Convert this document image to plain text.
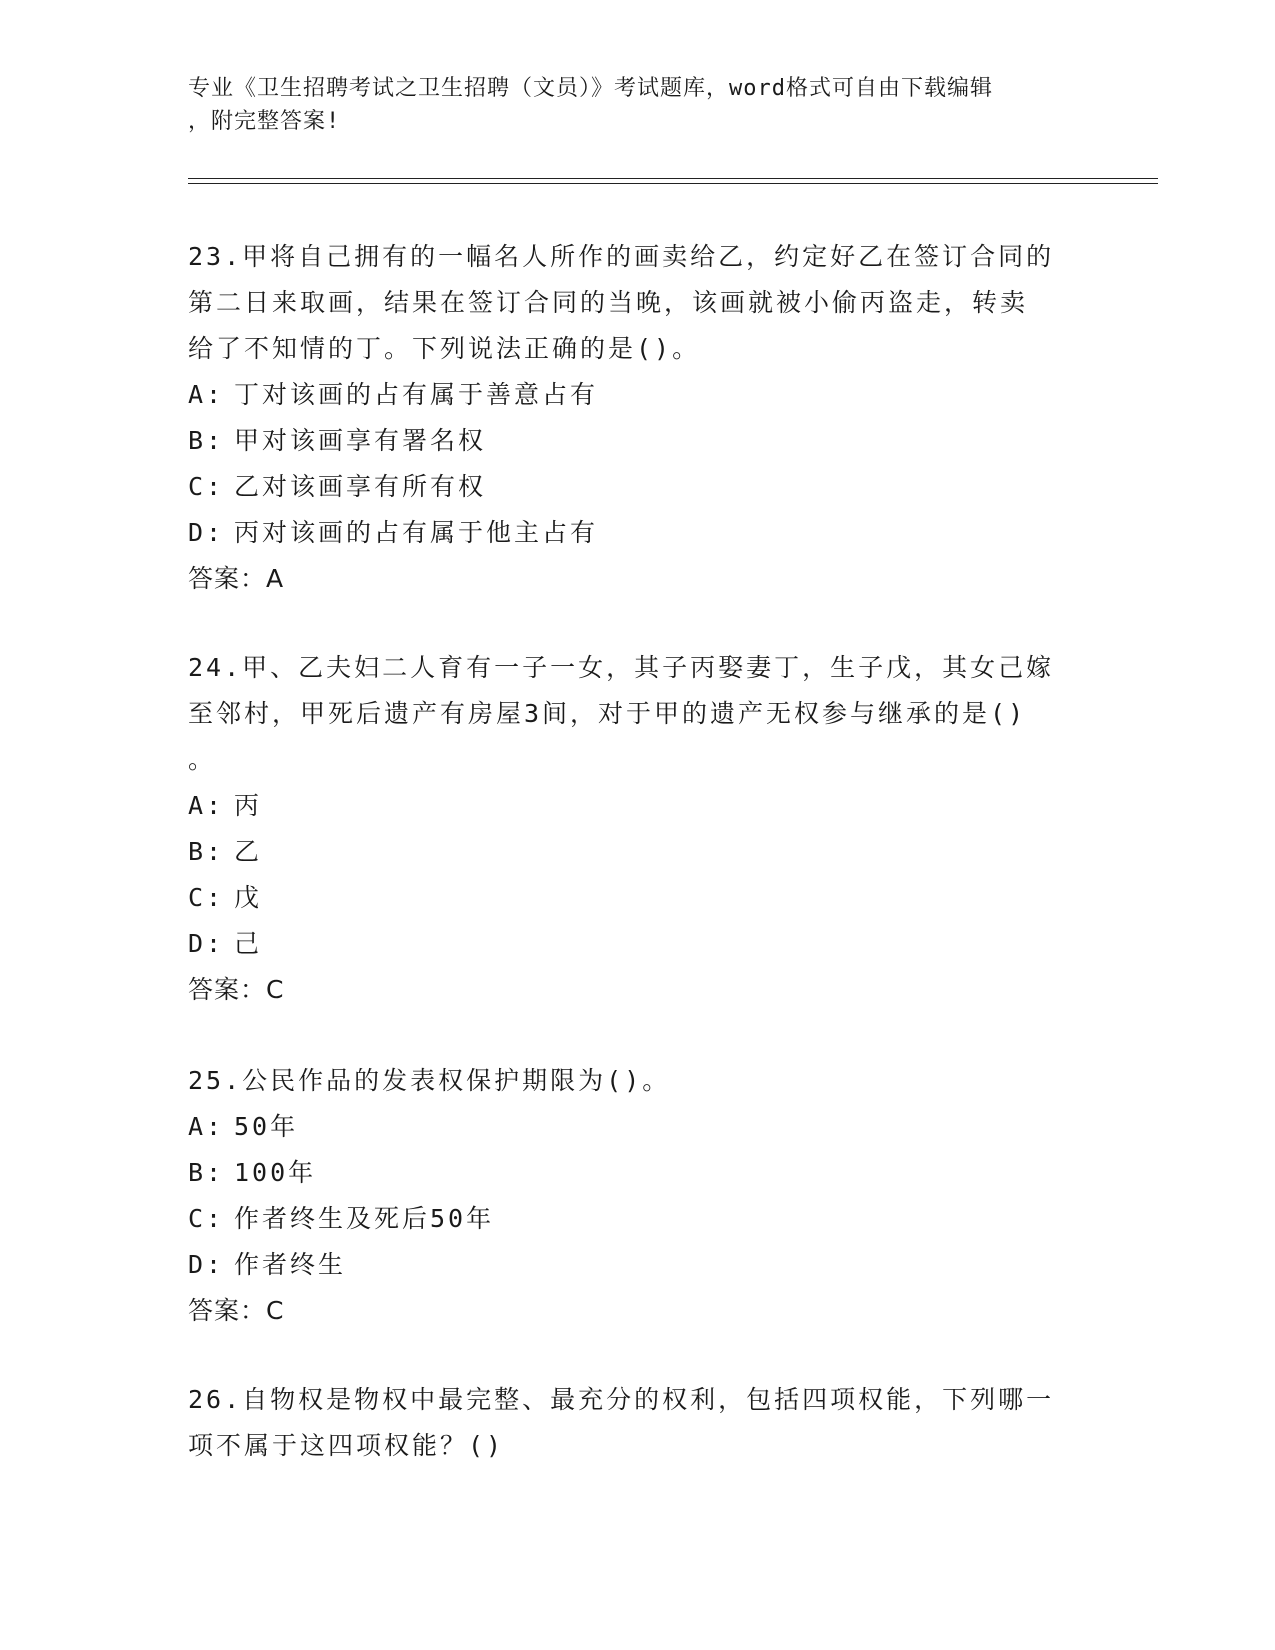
专业《卫生招聘考试之卫生招聘（文员）》考试题库，word格式可自由下载编辑
，附完整答案!

23.甲将自己拥有的一幅名人所作的画卖给乙，约定好乙在签订合同的

第二日来取画，结果在签订合同的当晚，该画就被小偷丙盗走，转卖

给了不知情的丁。下列说法正确的是()。

A: 丁对该画的占有属于善意占有

B: 甲对该画享有署名权

C: 乙对该画享有所有权

D: 丙对该画的占有属于他主占有

答案：A

24.甲、乙夫妇二人育有一子一女，其子丙娶妻丁，生子戊，其女己嫁

至邻村，甲死后遗产有房屋3间，对于甲的遗产无权参与继承的是()

。

A: 丙

B: 乙

C: 戊

D: 己

答案：C

25.公民作品的发表权保护期限为()。

A: 50年

B: 100年

C: 作者终生及死后50年

D: 作者终生

答案：C

26.自物权是物权中最完整、最充分的权利，包括四项权能，下列哪一

项不属于这四项权能？()
